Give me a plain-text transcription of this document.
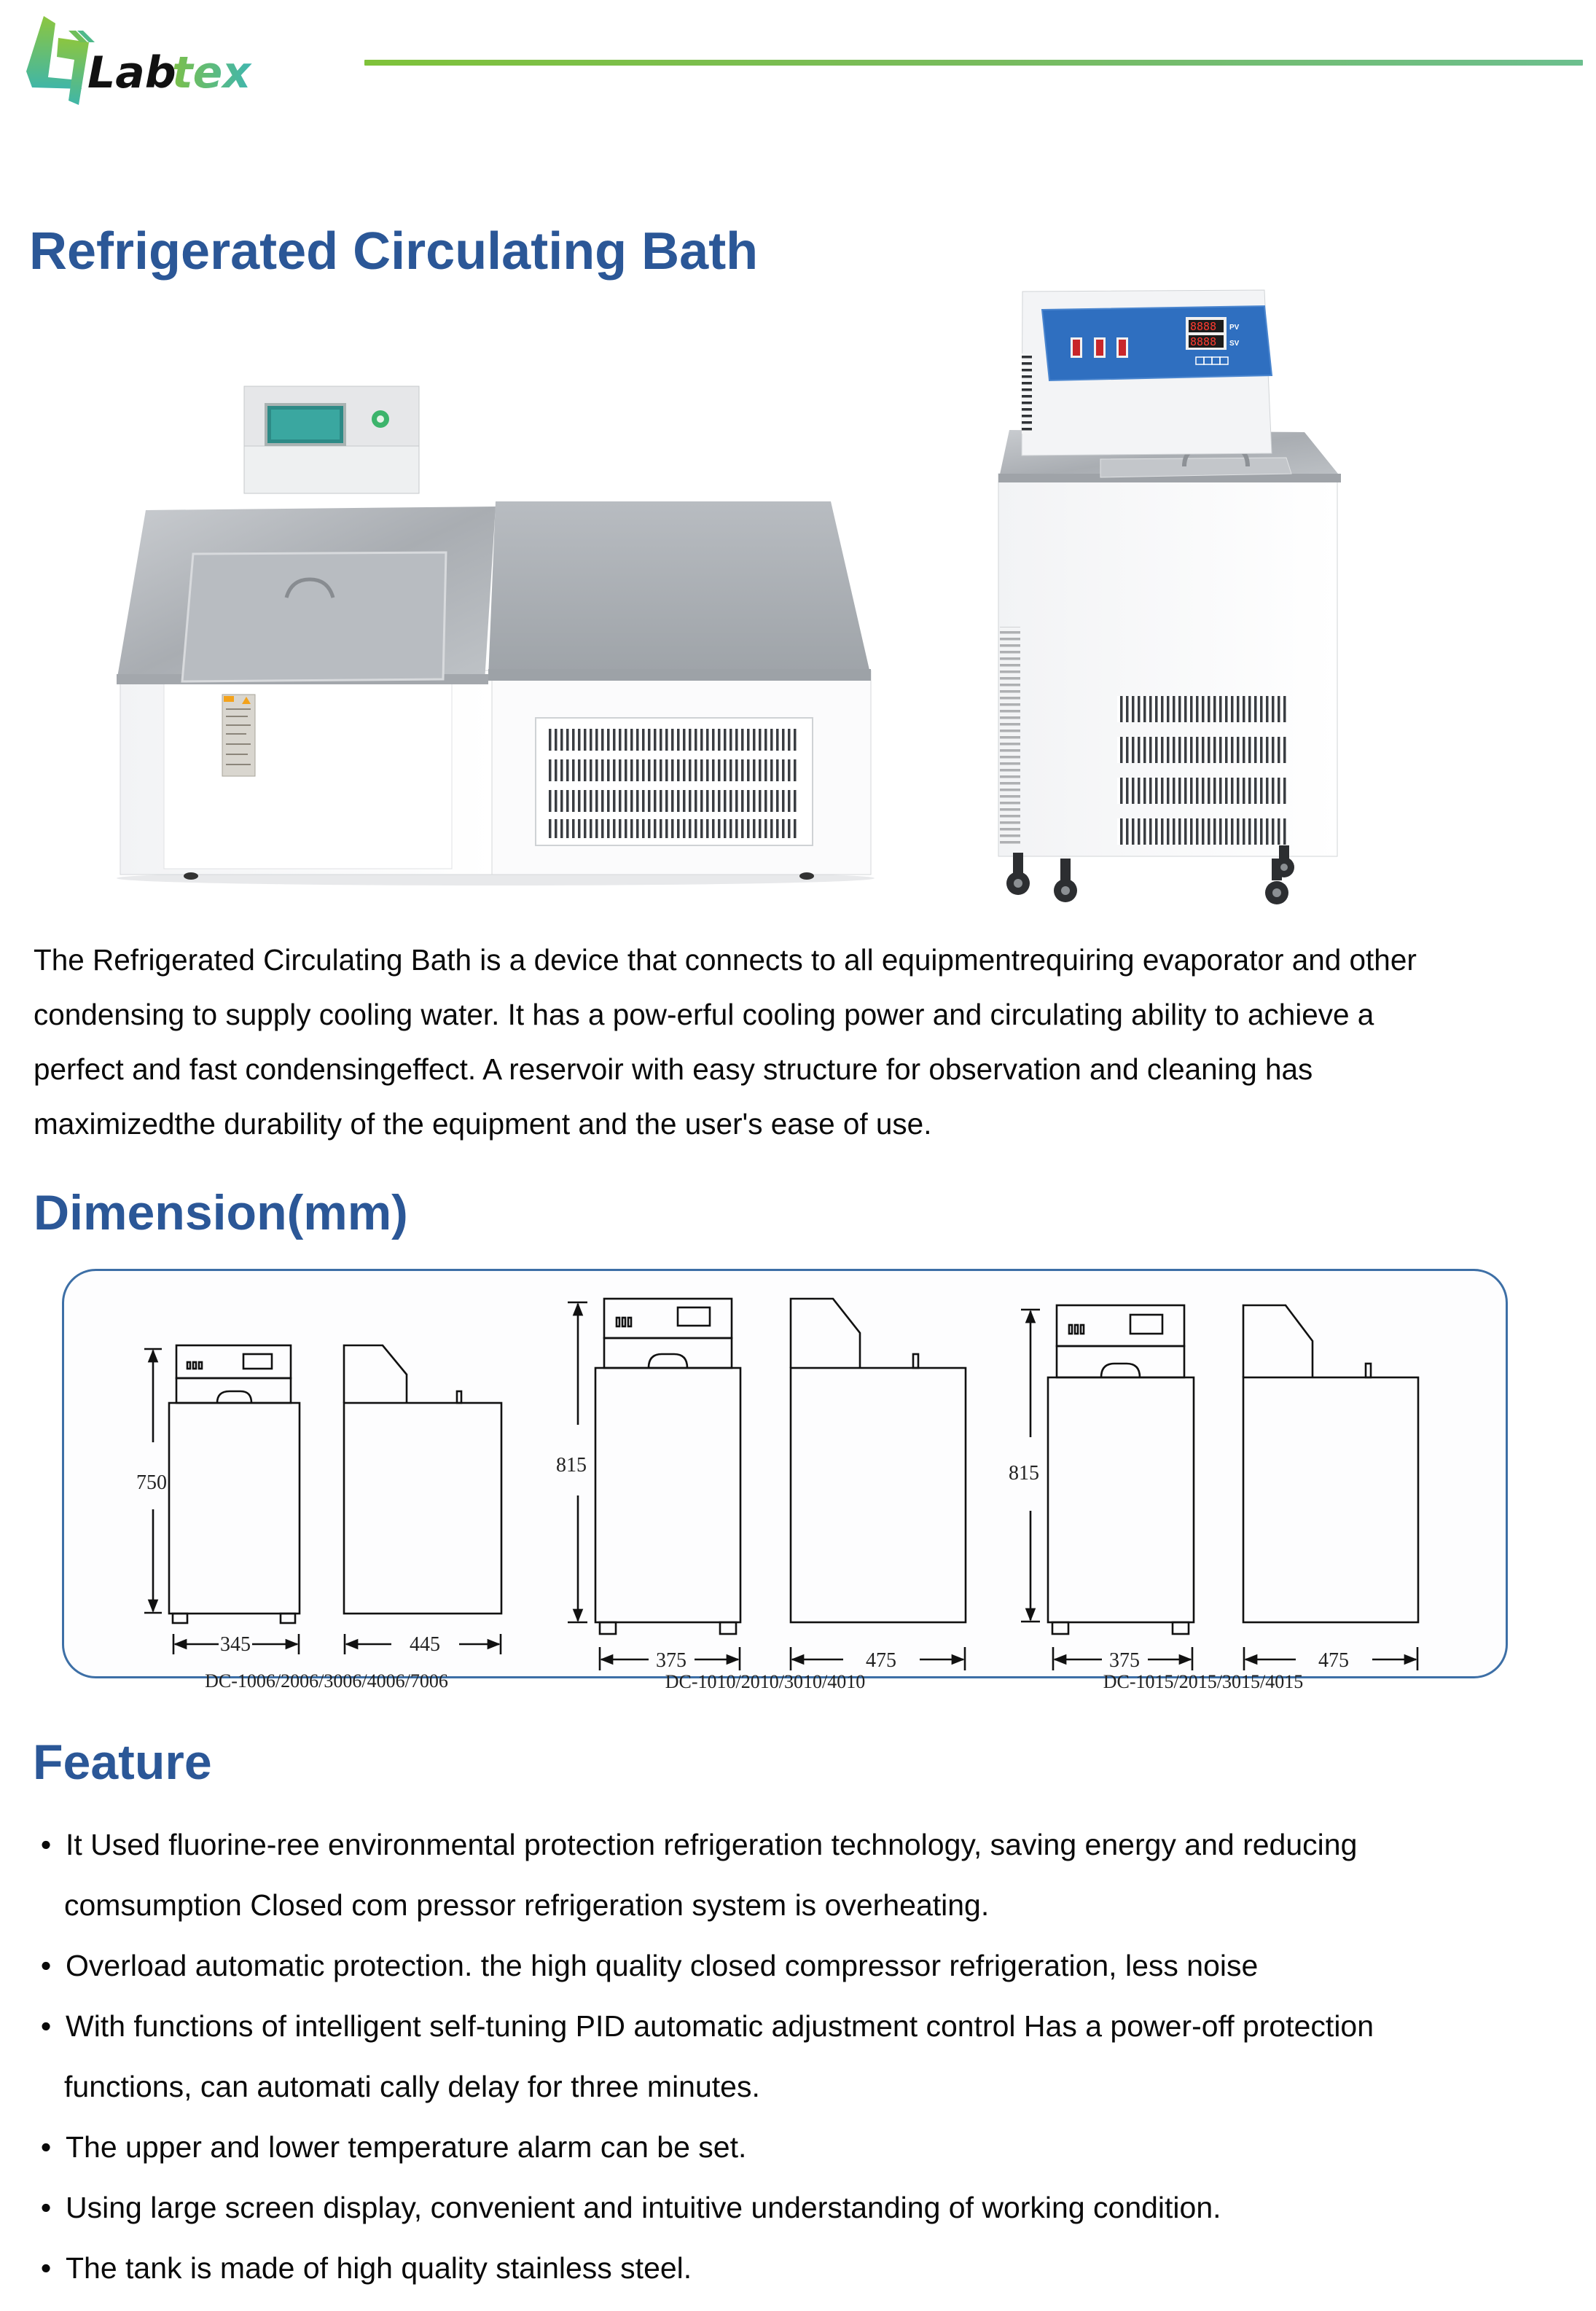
Lab
tex
Refrigerated Circulating Bath
8888
8888
PV
SV
The Refrigerated Circulating Bath is a device that connects to all equipmentrequiring evaporator and other
condensing to supply cooling water. It has a pow-erful cooling power and circulating ability to achieve a
perfect and fast condensingeffect. A reservoir with easy structure for observation and cleaning has
maximizedthe durability of the equipment and the user's ease of use.
Dimension(mm)
750
345	445
DC-1006/2006/3006/4006/7006
815
375	475
DC-1010/2010/3010/4010
815
375	475
DC-1015/2015/3015/4015
Feature
• It Used fluorine-ree environmental protection refrigeration technology, saving energy and reducing
comsumption Closed com pressor refrigeration system is overheating.
• Overload automatic protection. the high quality closed compressor refrigeration, less noise
• With functions of intelligent self-tuning PID automatic adjustment control Has a power-off protection
functions, can automati cally delay for three minutes.
• The upper and lower temperature alarm can be set.
• Using large screen display, convenient and intuitive understanding of working condition.
• The tank is made of high quality stainless steel.
